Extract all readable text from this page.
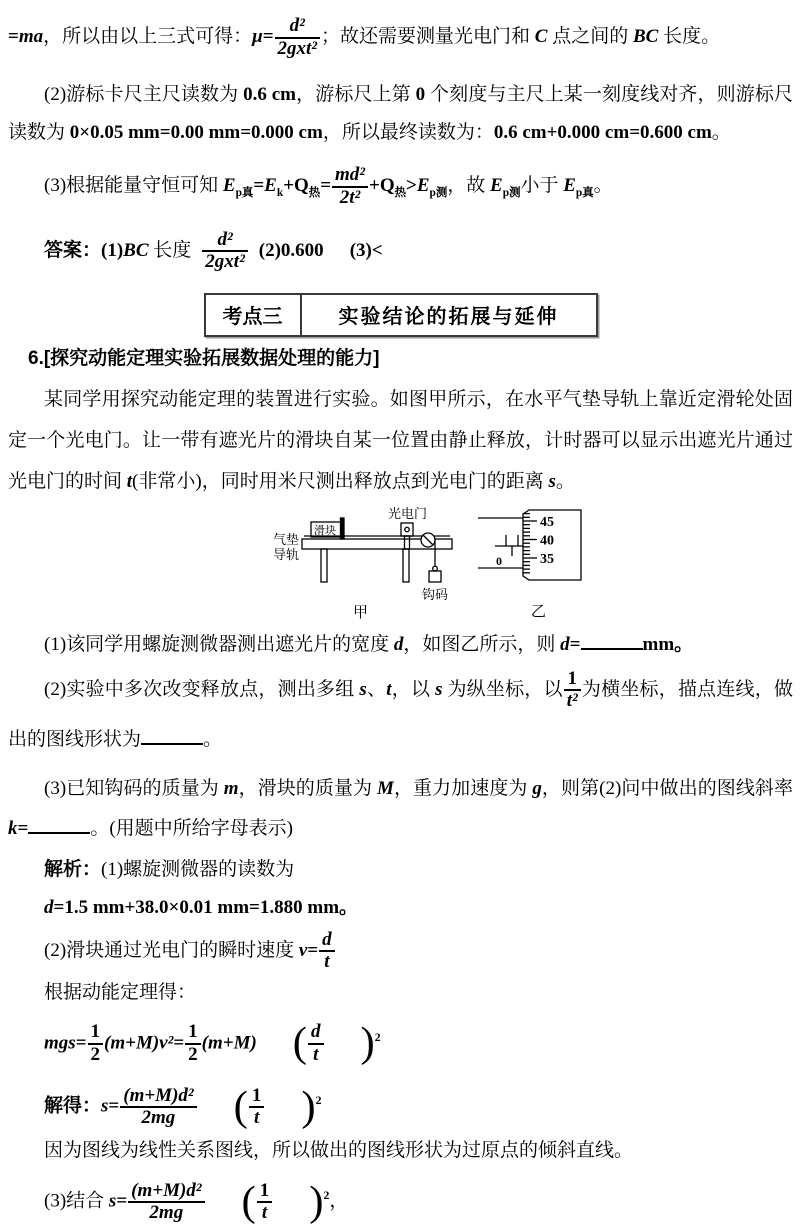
=ma，所以由以上三式可得：$\mu= \frac{\text{d²}}{\text{2gxt²}}$ ；故还需要测量光电门和 C 点之间的 BC 长度。

(2)游标卡尺主尺读数为 0.6 cm，游标尺上第 0 个刻度与主尺上某一刻度线对齐，则游标尺读数为 0×0.05 mm=0.00 mm=0.000 cm，所以最终读数为：0.6 cm+0.000 cm=0.600 cm。

(3)根据能量守恒可知 $E_{p真}=E_k+Q_热= \frac{\text{md²}}{\text{2t²}} +Q_热>E_{p测}$，故 $E_{p测}$小于 $E_{p真}$。

答案：(1)BC 长度 $\frac{\text{d²}}{\text{2gxt²}} (2)0.600$ (3)<

考点三	实验结论的拓展与延伸

6.[探究动能定理实验拓展数据处理的能力]

某同学用探究动能定理的装置进行实验。如图甲所示，在水平气垫导轨上靠近定滑轮处固定一个光电门。让一带有遮光片的滑块自某一位置由静止释放，计时器可以显示出遮光片通过光电门的时间 t(非常小)，同时用米尺测出释放点到光电门的距离 s。

气垫
导轨
滑块
光电门
钩码
甲
45
40
35
0
乙

(1)该同学用螺旋测微器测出遮光片的宽度 d，如图乙所示，则 d=	mm。

(2)实验中多次改变释放点，测出多组 s、t，以 s 为纵坐标，以 $\frac{1}{\text{t²}}$ 为横坐标，描点连线，做出的图线形状为	。

(3)已知钩码的质量为 m，滑块的质量为 M，重力加速度为 g，则第(2)问中做出的图线斜率 k=	。(用题中所给字母表示)

解析：(1)螺旋测微器的读数为

d=1.5 mm+38.0×0.01 mm=1.880 mm。

(2)滑块通过光电门的瞬时速度 $v= \frac{d}{t}$

根据动能定理得：

$mgs= \frac{1}{2} (m+M)v^2= \frac{1}{2} (m+M)$ ( $\frac{d}{t} )^2$

解得：$s= \frac{\text{(m+M)d²}}{2mg}$ ( $\frac{1}{t} )^2$

因为图线为线性关系图线，所以做出的图线形状为过原点的倾斜直线。

(3)结合 $s= \frac{\text{(m+M)d²}}{2mg}$ ( $\frac{1}{t} )^2$，
